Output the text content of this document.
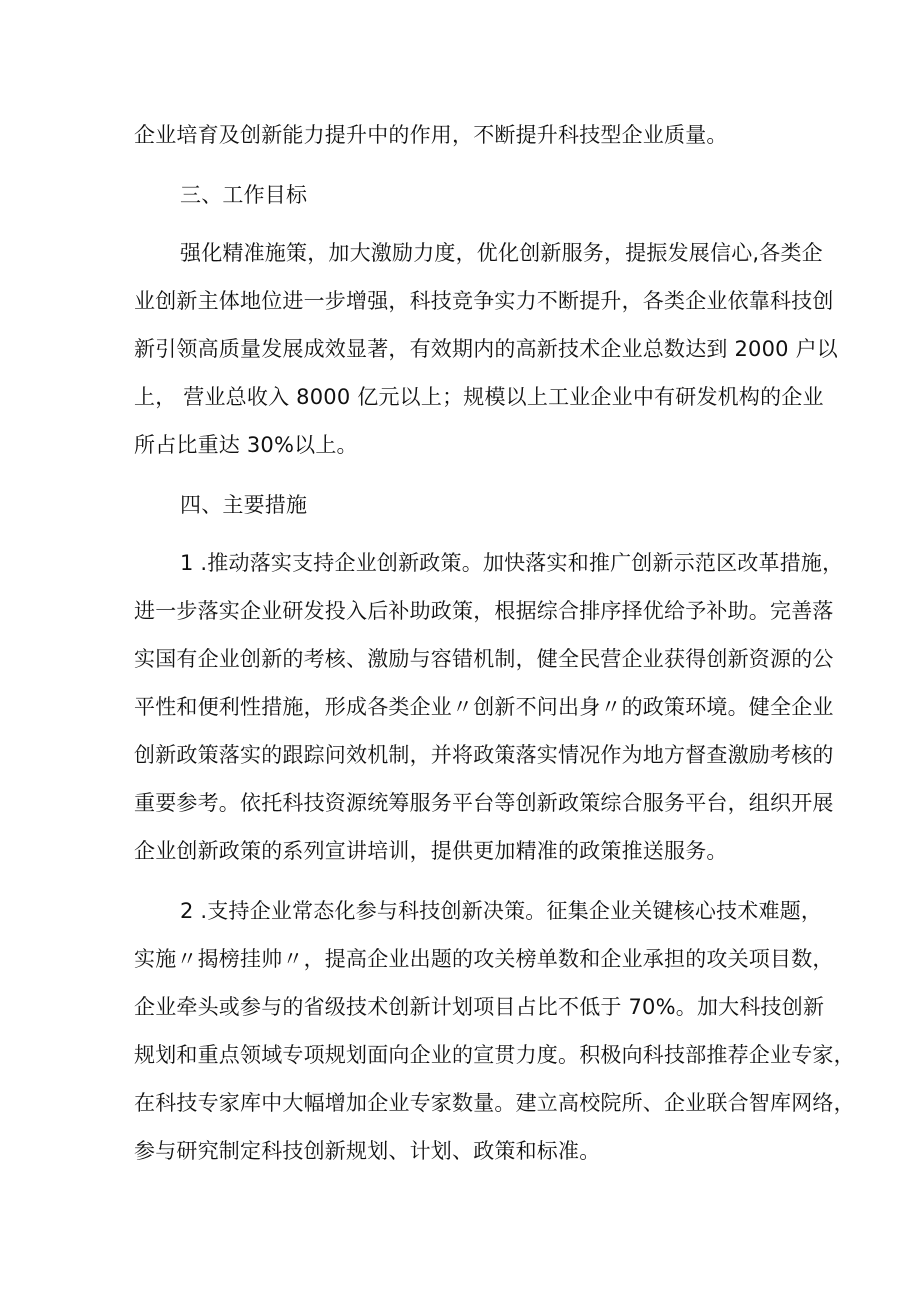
企业培育及创新能力提升中的作用，不断提升科技型企业质量。
三、工作目标
强化精准施策，加大激励力度，优化创新服务，提振发展信心,各类企
业创新主体地位进一步增强，科技竞争实力不断提升，各类企业依靠科技创
新引领高质量发展成效显著，有效期内的高新技术企业总数达到 2000 户以
上， 营业总收入 8000 亿元以上；规模以上工业企业中有研发机构的企业
所占比重达 30%以上。
四、主要措施
1 .推动落实支持企业创新政策。加快落实和推广创新示范区改革措施，
进一步落实企业研发投入后补助政策，根据综合排序择优给予补助。完善落
实国有企业创新的考核、激励与容错机制，健全民营企业获得创新资源的公
平性和便利性措施，形成各类企业〃创新不问出身〃的政策环境。健全企业
创新政策落实的跟踪问效机制，并将政策落实情况作为地方督查激励考核的
重要参考。依托科技资源统筹服务平台等创新政策综合服务平台，组织开展
企业创新政策的系列宣讲培训，提供更加精准的政策推送服务。
2 .支持企业常态化参与科技创新决策。征集企业关键核心技术难题，
实施〃揭榜挂帅〃，提高企业出题的攻关榜单数和企业承担的攻关项目数，
企业牵头或参与的省级技术创新计划项目占比不低于 70%。加大科技创新
规划和重点领域专项规划面向企业的宣贯力度。积极向科技部推荐企业专家，
在科技专家库中大幅增加企业专家数量。建立高校院所、企业联合智库网络，
参与研究制定科技创新规划、计划、政策和标准。
